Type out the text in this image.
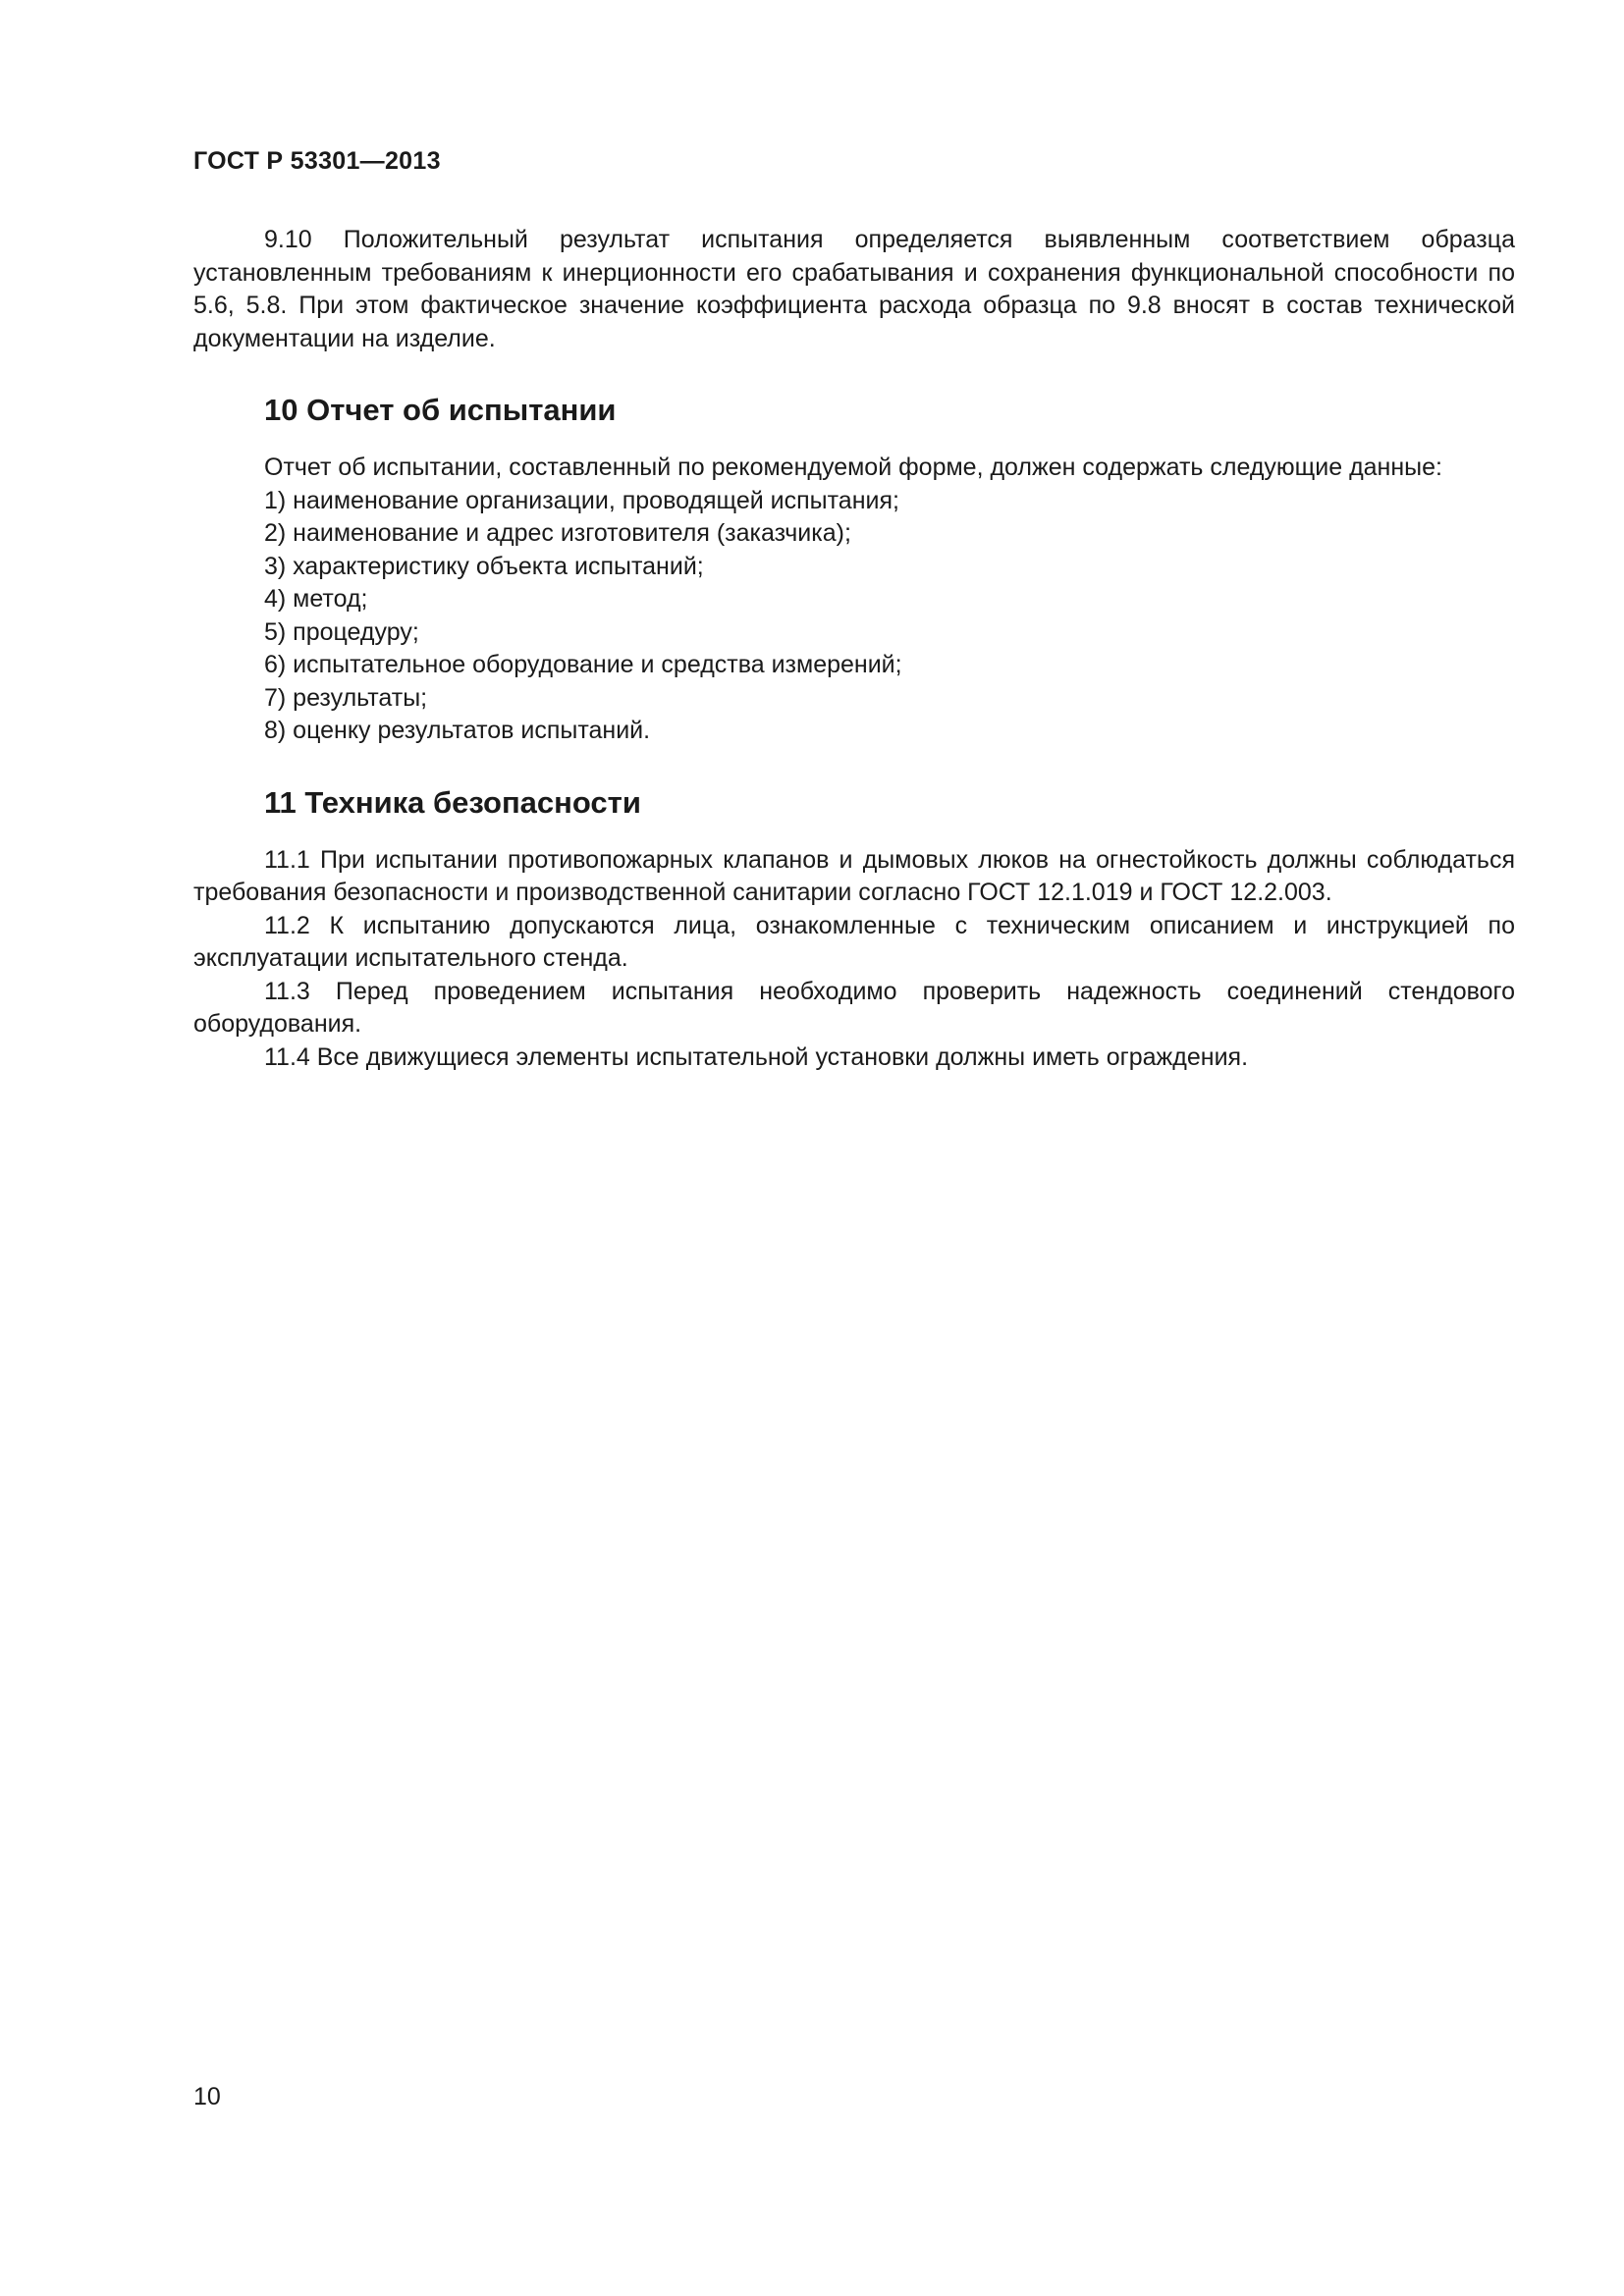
ГОСТ Р 53301—2013

9.10 Положительный результат испытания определяется выявленным соответствием образца установленным требованиям к инерционности его срабатывания и сохранения функциональной способности по 5.6, 5.8. При этом фактическое значение коэффициента расхода образца по 9.8 вносят в состав технической документации на изделие.

10 Отчет об испытании

Отчет об испытании, составленный по рекомендуемой форме, должен содержать следующие данные:

1) наименование организации, проводящей испытания;
2) наименование и адрес изготовителя (заказчика);
3) характеристику объекта испытаний;
4) метод;
5) процедуру;
6) испытательное оборудование и средства измерений;
7) результаты;
8) оценку результатов испытаний.
11 Техника безопасности

11.1 При испытании противопожарных клапанов и дымовых люков на огнестойкость должны соблюдаться требования безопасности и производственной санитарии согласно ГОСТ 12.1.019 и ГОСТ 12.2.003.

11.2 К испытанию допускаются лица, ознакомленные с техническим описанием и инструкцией по эксплуатации испытательного стенда.

11.3 Перед проведением испытания необходимо проверить надежность соединений стендового оборудования.

11.4 Все движущиеся элементы испытательной установки должны иметь ограждения.

10
